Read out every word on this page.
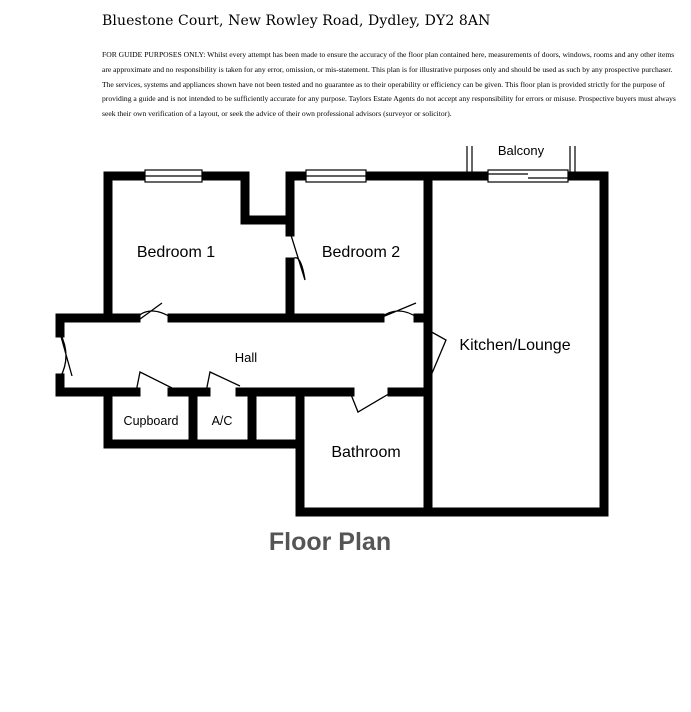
Bluestone Court, New Rowley Road, Dydley, DY2 8AN
FOR GUIDE PURPOSES ONLY: Whilst every attempt has been made to ensure the accuracy of the floor plan contained here, measurements of doors, windows, rooms and any other items are approximate and no responsibility is taken for any error, omission, or mis-statement. This plan is for illustrative purposes only and should be used as such by any prospective purchaser. The services, systems and appliances shown have not been tested and no guarantee as to their operability or efficiency can be given. This floor plan is provided strictly for the purpose of providing a guide and is not intended to be sufficiently accurate for any purpose. Taylors Estate Agents do not accept any responsibility for errors or misuse. Prospective buyers must always seek their own verification of a layout, or seek the advice of their own professional advisors (surveyor or solicitor).
Bedroom 1	Bedroom 2
Kitchen/Lounge
Hall
Cupboard	A/C
Bathroom
Balcony
Floor Plan
